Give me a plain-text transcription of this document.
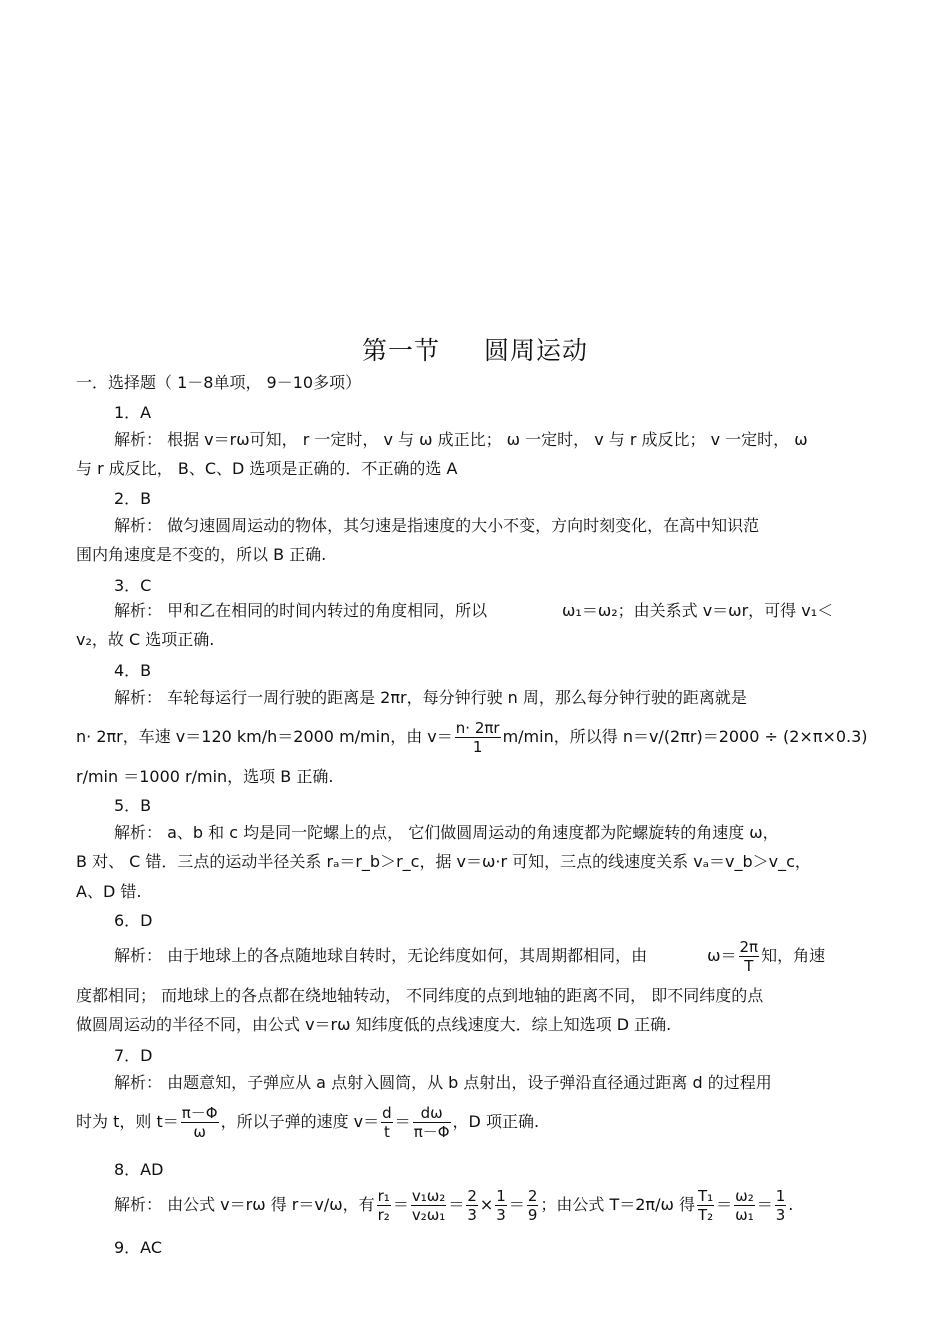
第一节 圆周运动
一．选择题（ 1－8单项， 9－10多项）
1．A
解析： 根据 v＝rω可知， r 一定时， v 与 ω 成正比； ω 一定时， v 与 r 成反比； v 一定时， ω
与 r 成反比， B、C、D 选项是正确的．不正确的选 A
2．B
解析： 做匀速圆周运动的物体，其匀速是指速度的大小不变，方向时刻变化，在高中知识范
围内角速度是不变的，所以 B 正确.
3．C
解析： 甲和乙在相同的时间内转过的角度相同，所以	ω₁＝ω₂；由关系式 v＝ωr，可得 v₁＜
v₂，故 C 选项正确.
4．B
解析： 车轮每运行一周行驶的距离是 2πr，每分钟行驶 n 周，那么每分钟行驶的距离就是
n· 2πr，车速 v＝120 km/h＝2000 m/min，由 $v= \frac{n\cdot 2\pi r}{1} m/\min$，所以得 n＝v/(2πr)＝2000 ÷ (2×π×0.3)
r/min ＝1000 r/min，选项 B 正确.
5．B
解析： a、b 和 c 均是同一陀螺上的点， 它们做圆周运动的角速度都为陀螺旋转的角速度 ω，
B 对、 C 错．三点的运动半径关系 rₐ＝r_b＞r_c，据 v＝ω·r 可知，三点的线速度关系 vₐ＝v_b＞v_c，
A、D 错.
6．D
解析： 由于地球上的各点随地球自转时，无论纬度如何，其周期都相同，由	$\omega= \frac{2\pi}{T}$ 知，角速
度都相同； 而地球上的各点都在绕地轴转动， 不同纬度的点到地轴的距离不同， 即不同纬度的点
做圆周运动的半径不同，由公式 v＝rω 知纬度低的点线速度大．综上知选项 D 正确.
7．D
解析： 由题意知，子弹应从 a 点射入圆筒，从 b 点射出，设子弹沿直径通过距离 d 的过程用
时为 t，则 $t= \frac{\pi-\Phi}{\omega}$ ，所以子弹的速度 $v= \frac{d}{t} = \frac{d\omega}{\pi-\Phi}$ ，D 项正确.
8．AD
解析： 由公式 v＝rω 得 r＝v/ω，有 $\frac{\text{r₁}}{\text{r₂}} = \frac{\text{v₁ω₂}}{\text{v₂ω₁}} = \frac{2}{3} \times \frac{1}{3} = \frac{2}{9}$ ；由公式 T＝2π/ω 得 $\frac{\text{T₁}}{\text{T₂}} = \frac{\text{ω₂}}{\text{ω₁}} = \frac{1}{3}$ .
9．AC
